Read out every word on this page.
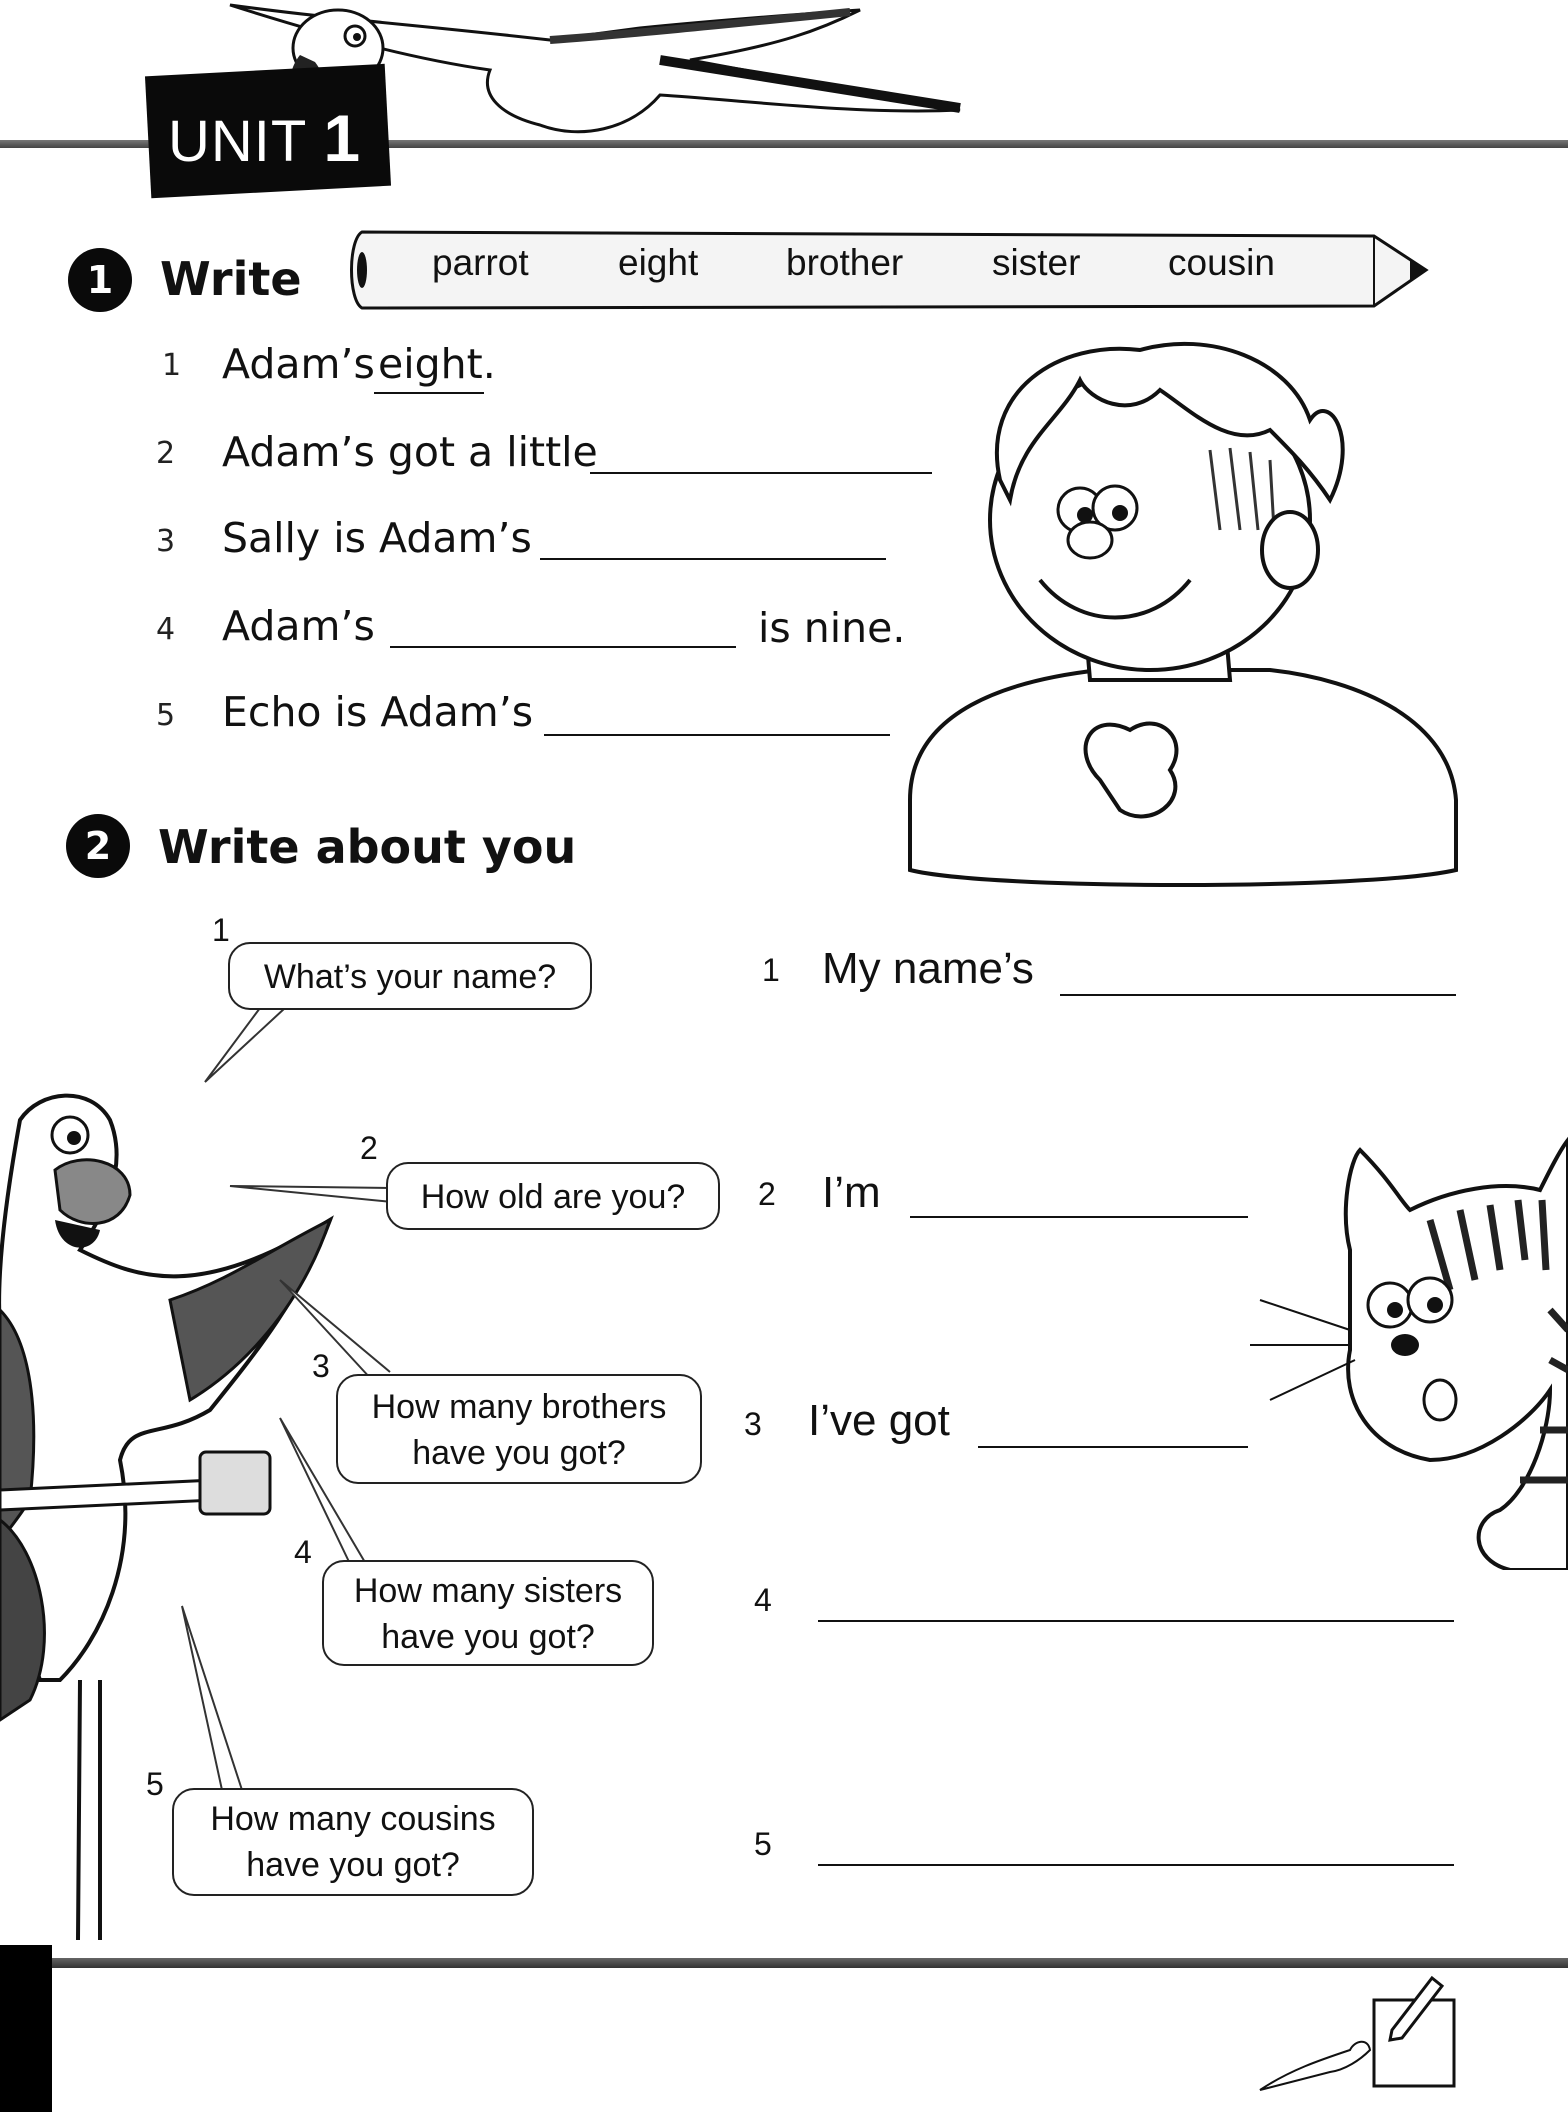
UNIT 1
1	Write	parrot eight brother sister cousin
1 Adam’s eight.
2 Adam’s got a little
3 Sally is Adam’s
4 Adam’s	is nine.
5 Echo is Adam’s
2	Write about you
1
What’s your name?
2
How old are you?
3
How many brothers
have you got?
4
How many sisters
have you got?
5
How many cousins
have you got?
1 My name’s
2 I’m
3 I’ve got
4
5
